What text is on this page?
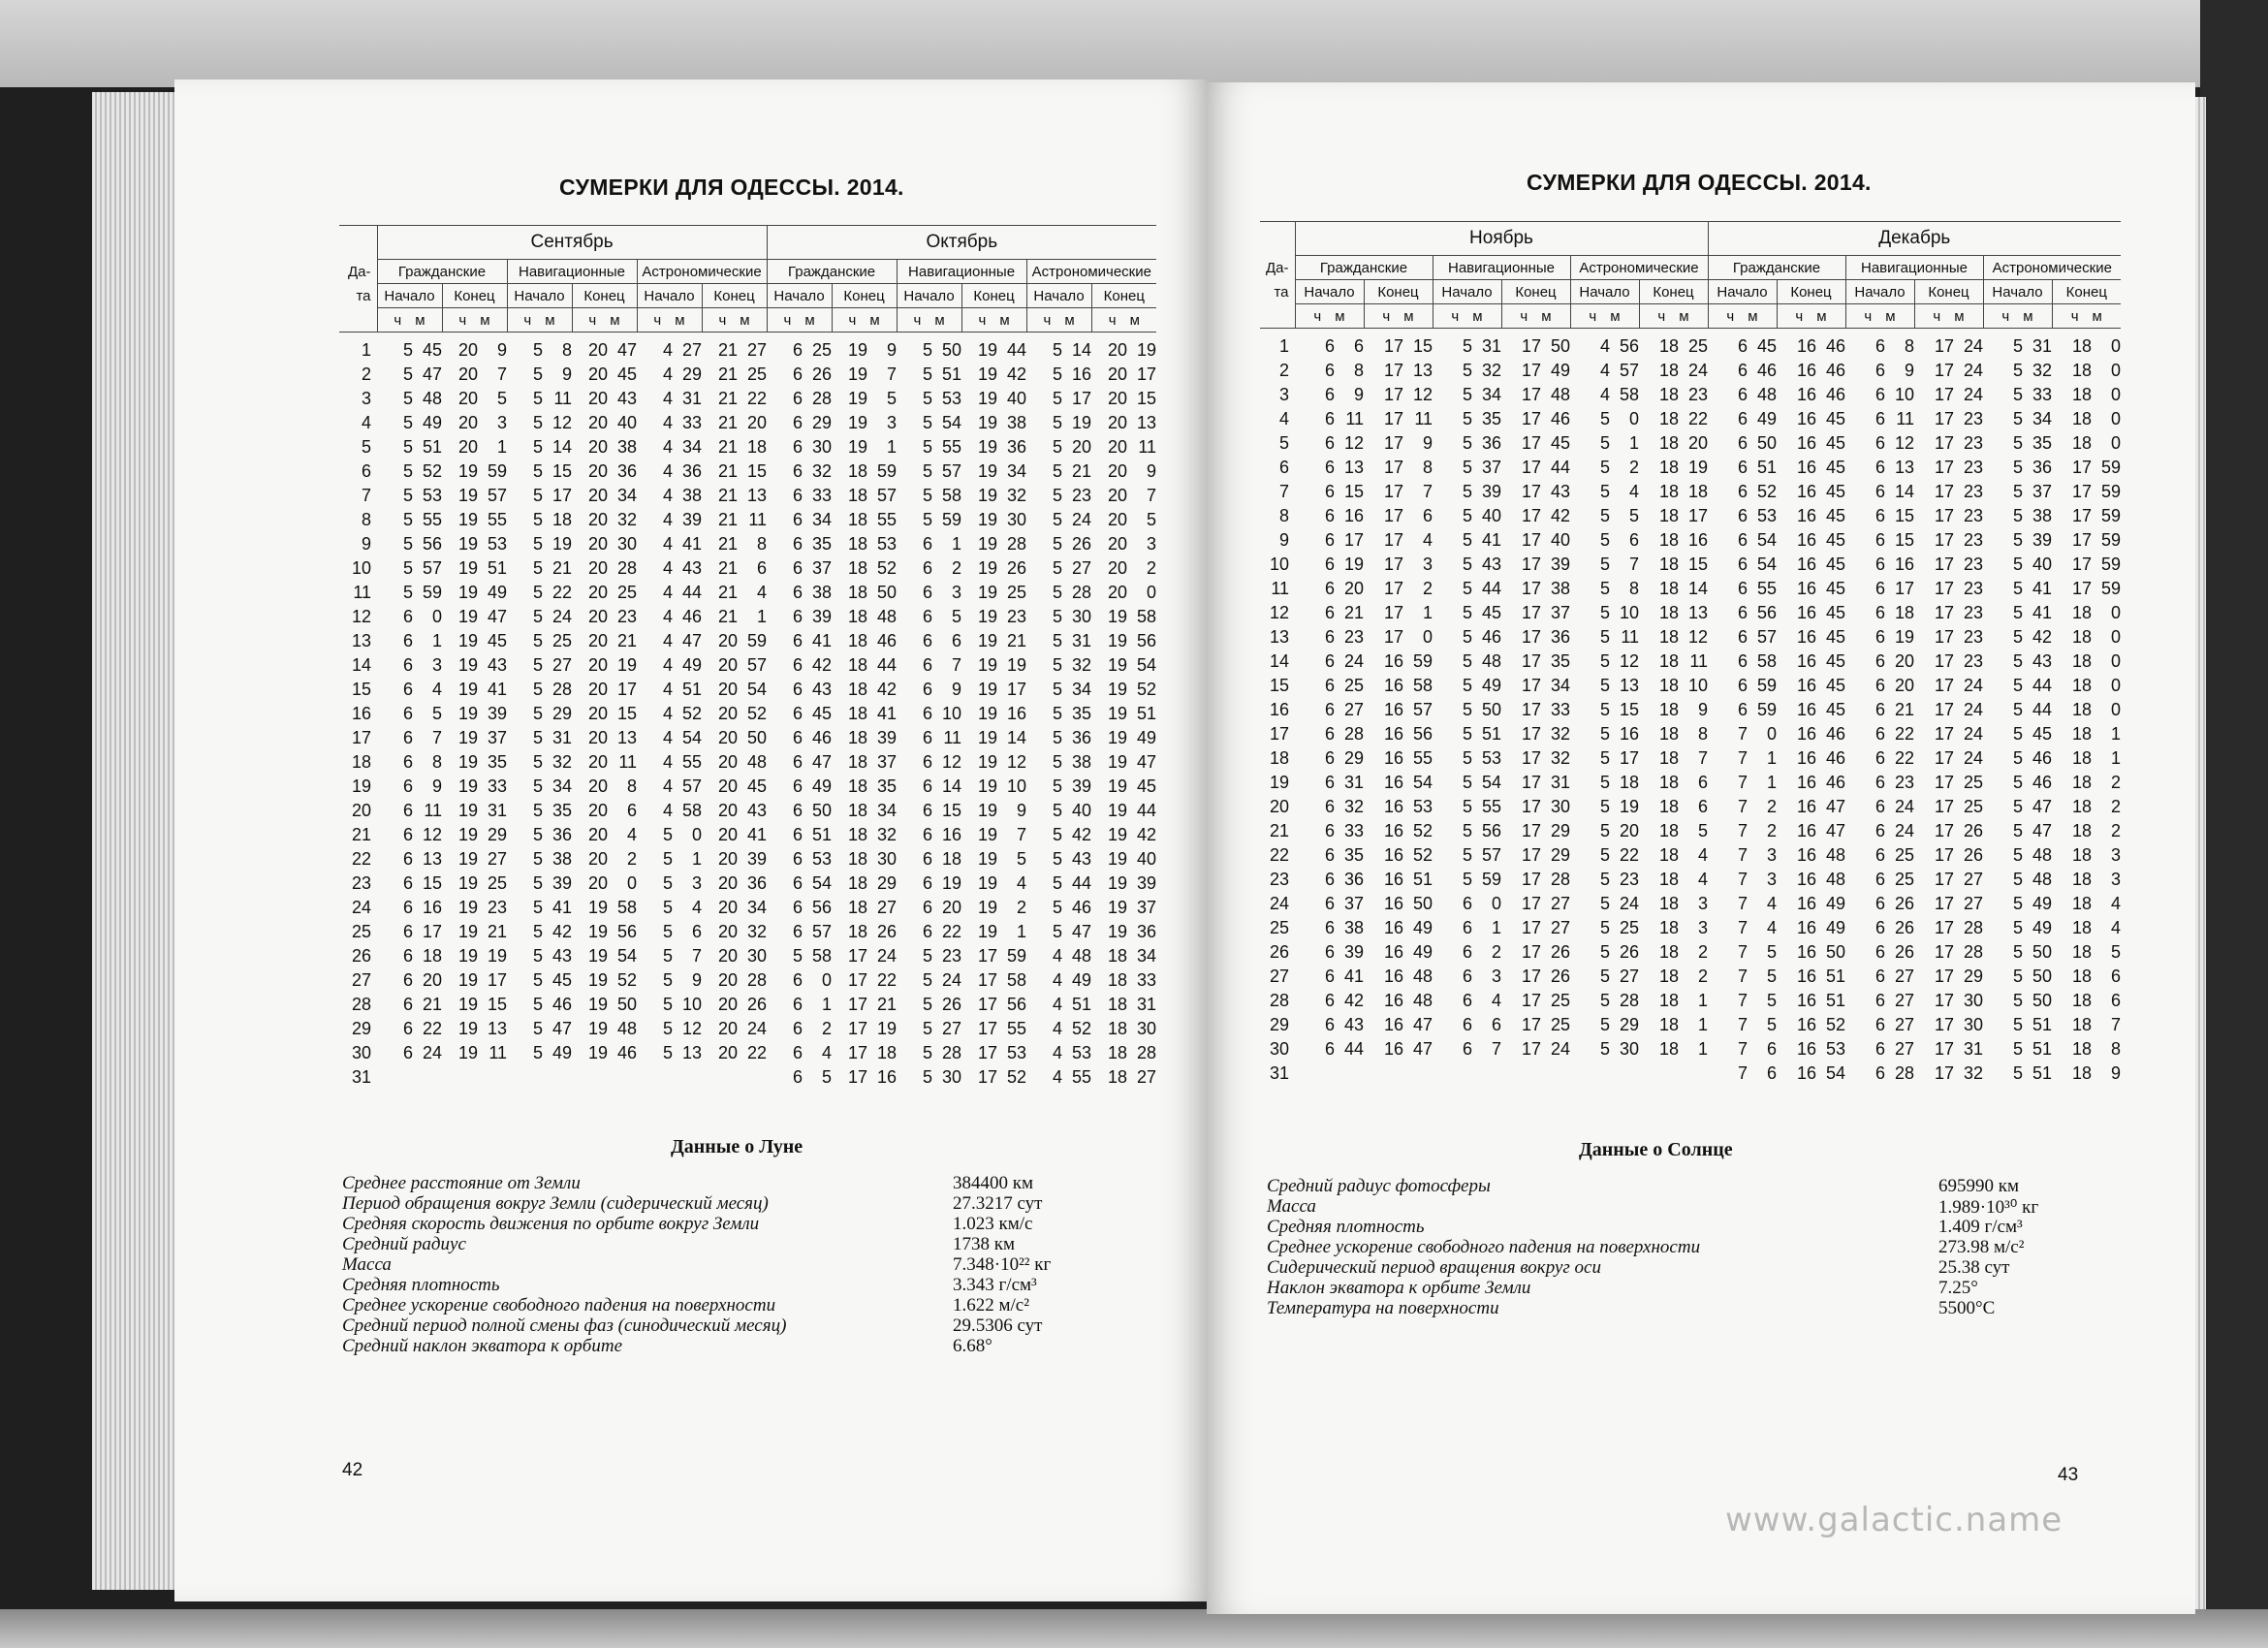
СУМЕРКИ ДЛЯ ОДЕССЫ. 2014.
	Сентябрь						Октябрь					
Да-	Гражданские		Навигационные		Астрономические		Гражданские		Навигационные		Астрономические	
та	Начало	Конец	Начало	Конец	Начало	Конец	Начало	Конец	Начало	Конец	Начало	Конец
	ч м	ч м	ч м	ч м	ч м	ч м	ч м	ч м	ч м	ч м	ч м	ч м
1	5 45	20 9	5 8	20 47	4 27	21 27	6 25	19 9	5 50	19 44	5 14	20 19
2	5 47	20 7	5 9	20 45	4 29	21 25	6 26	19 7	5 51	19 42	5 16	20 17
3	5 48	20 5	5 11	20 43	4 31	21 22	6 28	19 5	5 53	19 40	5 17	20 15
4	5 49	20 3	5 12	20 40	4 33	21 20	6 29	19 3	5 54	19 38	5 19	20 13
5	5 51	20 1	5 14	20 38	4 34	21 18	6 30	19 1	5 55	19 36	5 20	20 11
6	5 52	19 59	5 15	20 36	4 36	21 15	6 32	18 59	5 57	19 34	5 21	20 9
7	5 53	19 57	5 17	20 34	4 38	21 13	6 33	18 57	5 58	19 32	5 23	20 7
8	5 55	19 55	5 18	20 32	4 39	21 11	6 34	18 55	5 59	19 30	5 24	20 5
9	5 56	19 53	5 19	20 30	4 41	21 8	6 35	18 53	6 1	19 28	5 26	20 3
10	5 57	19 51	5 21	20 28	4 43	21 6	6 37	18 52	6 2	19 26	5 27	20 2
11	5 59	19 49	5 22	20 25	4 44	21 4	6 38	18 50	6 3	19 25	5 28	20 0
12	6 0	19 47	5 24	20 23	4 46	21 1	6 39	18 48	6 5	19 23	5 30	19 58
13	6 1	19 45	5 25	20 21	4 47	20 59	6 41	18 46	6 6	19 21	5 31	19 56
14	6 3	19 43	5 27	20 19	4 49	20 57	6 42	18 44	6 7	19 19	5 32	19 54
15	6 4	19 41	5 28	20 17	4 51	20 54	6 43	18 42	6 9	19 17	5 34	19 52
16	6 5	19 39	5 29	20 15	4 52	20 52	6 45	18 41	6 10	19 16	5 35	19 51
17	6 7	19 37	5 31	20 13	4 54	20 50	6 46	18 39	6 11	19 14	5 36	19 49
18	6 8	19 35	5 32	20 11	4 55	20 48	6 47	18 37	6 12	19 12	5 38	19 47
19	6 9	19 33	5 34	20 8	4 57	20 45	6 49	18 35	6 14	19 10	5 39	19 45
20	6 11	19 31	5 35	20 6	4 58	20 43	6 50	18 34	6 15	19 9	5 40	19 44
21	6 12	19 29	5 36	20 4	5 0	20 41	6 51	18 32	6 16	19 7	5 42	19 42
22	6 13	19 27	5 38	20 2	5 1	20 39	6 53	18 30	6 18	19 5	5 43	19 40
23	6 15	19 25	5 39	20 0	5 3	20 36	6 54	18 29	6 19	19 4	5 44	19 39
24	6 16	19 23	5 41	19 58	5 4	20 34	6 56	18 27	6 20	19 2	5 46	19 37
25	6 17	19 21	5 42	19 56	5 6	20 32	6 57	18 26	6 22	19 1	5 47	19 36
26	6 18	19 19	5 43	19 54	5 7	20 30	5 58	17 24	5 23	17 59	4 48	18 34
27	6 20	19 17	5 45	19 52	5 9	20 28	6 0	17 22	5 24	17 58	4 49	18 33
28	6 21	19 15	5 46	19 50	5 10	20 26	6 1	17 21	5 26	17 56	4 51	18 31
29	6 22	19 13	5 47	19 48	5 12	20 24	6 2	17 19	5 27	17 55	4 52	18 30
30	6 24	19 11	5 49	19 46	5 13	20 22	6 4	17 18	5 28	17 53	4 53	18 28
31							6 5	17 16	5 30	17 52	4 55	18 27
Данные о Луне
Среднее расстояние от Земли	384400 км
Период обращения вокруг Земли (сидерический месяц)	27.3217 сут
Средняя скорость движения по орбите вокруг Земли	1.023 км/с
Средний радиус	1738 км
Масса	7.348·10²² кг
Средняя плотность	3.343 г/см³
Среднее ускорение свободного падения на поверхности	1.622 м/с²
Средний период полной смены фаз (синодический месяц)	29.5306 сут
Средний наклон экватора к орбите	6.68°
42
СУМЕРКИ ДЛЯ ОДЕССЫ. 2014.
	Ноябрь						Декабрь					
Да-	Гражданские		Навигационные		Астрономические		Гражданские		Навигационные		Астрономические	
та	Начало	Конец	Начало	Конец	Начало	Конец	Начало	Конец	Начало	Конец	Начало	Конец
	ч м	ч м	ч м	ч м	ч м	ч м	ч м	ч м	ч м	ч м	ч м	ч м
1	6 6	17 15	5 31	17 50	4 56	18 25	6 45	16 46	6 8	17 24	5 31	18 0
2	6 8	17 13	5 32	17 49	4 57	18 24	6 46	16 46	6 9	17 24	5 32	18 0
3	6 9	17 12	5 34	17 48	4 58	18 23	6 48	16 46	6 10	17 24	5 33	18 0
4	6 11	17 11	5 35	17 46	5 0	18 22	6 49	16 45	6 11	17 23	5 34	18 0
5	6 12	17 9	5 36	17 45	5 1	18 20	6 50	16 45	6 12	17 23	5 35	18 0
6	6 13	17 8	5 37	17 44	5 2	18 19	6 51	16 45	6 13	17 23	5 36	17 59
7	6 15	17 7	5 39	17 43	5 4	18 18	6 52	16 45	6 14	17 23	5 37	17 59
8	6 16	17 6	5 40	17 42	5 5	18 17	6 53	16 45	6 15	17 23	5 38	17 59
9	6 17	17 4	5 41	17 40	5 6	18 16	6 54	16 45	6 15	17 23	5 39	17 59
10	6 19	17 3	5 43	17 39	5 7	18 15	6 54	16 45	6 16	17 23	5 40	17 59
11	6 20	17 2	5 44	17 38	5 8	18 14	6 55	16 45	6 17	17 23	5 41	17 59
12	6 21	17 1	5 45	17 37	5 10	18 13	6 56	16 45	6 18	17 23	5 41	18 0
13	6 23	17 0	5 46	17 36	5 11	18 12	6 57	16 45	6 19	17 23	5 42	18 0
14	6 24	16 59	5 48	17 35	5 12	18 11	6 58	16 45	6 20	17 23	5 43	18 0
15	6 25	16 58	5 49	17 34	5 13	18 10	6 59	16 45	6 20	17 24	5 44	18 0
16	6 27	16 57	5 50	17 33	5 15	18 9	6 59	16 45	6 21	17 24	5 44	18 0
17	6 28	16 56	5 51	17 32	5 16	18 8	7 0	16 46	6 22	17 24	5 45	18 1
18	6 29	16 55	5 53	17 32	5 17	18 7	7 1	16 46	6 22	17 24	5 46	18 1
19	6 31	16 54	5 54	17 31	5 18	18 6	7 1	16 46	6 23	17 25	5 46	18 2
20	6 32	16 53	5 55	17 30	5 19	18 6	7 2	16 47	6 24	17 25	5 47	18 2
21	6 33	16 52	5 56	17 29	5 20	18 5	7 2	16 47	6 24	17 26	5 47	18 2
22	6 35	16 52	5 57	17 29	5 22	18 4	7 3	16 48	6 25	17 26	5 48	18 3
23	6 36	16 51	5 59	17 28	5 23	18 4	7 3	16 48	6 25	17 27	5 48	18 3
24	6 37	16 50	6 0	17 27	5 24	18 3	7 4	16 49	6 26	17 27	5 49	18 4
25	6 38	16 49	6 1	17 27	5 25	18 3	7 4	16 49	6 26	17 28	5 49	18 4
26	6 39	16 49	6 2	17 26	5 26	18 2	7 5	16 50	6 26	17 28	5 50	18 5
27	6 41	16 48	6 3	17 26	5 27	18 2	7 5	16 51	6 27	17 29	5 50	18 6
28	6 42	16 48	6 4	17 25	5 28	18 1	7 5	16 51	6 27	17 30	5 50	18 6
29	6 43	16 47	6 6	17 25	5 29	18 1	7 5	16 52	6 27	17 30	5 51	18 7
30	6 44	16 47	6 7	17 24	5 30	18 1	7 6	16 53	6 27	17 31	5 51	18 8
31							7 6	16 54	6 28	17 32	5 51	18 9
Данные о Солнце
Средний радиус фотосферы	695990 км
Масса	1.989·10³⁰ кг
Средняя плотность	1.409 г/см³
Среднее ускорение свободного падения на поверхности	273.98 м/с²
Сидерический период вращения вокруг оси	25.38 сут
Наклон экватора к орбите Земли	7.25°
Температура на поверхности	5500°С
43
www.galactic.name
